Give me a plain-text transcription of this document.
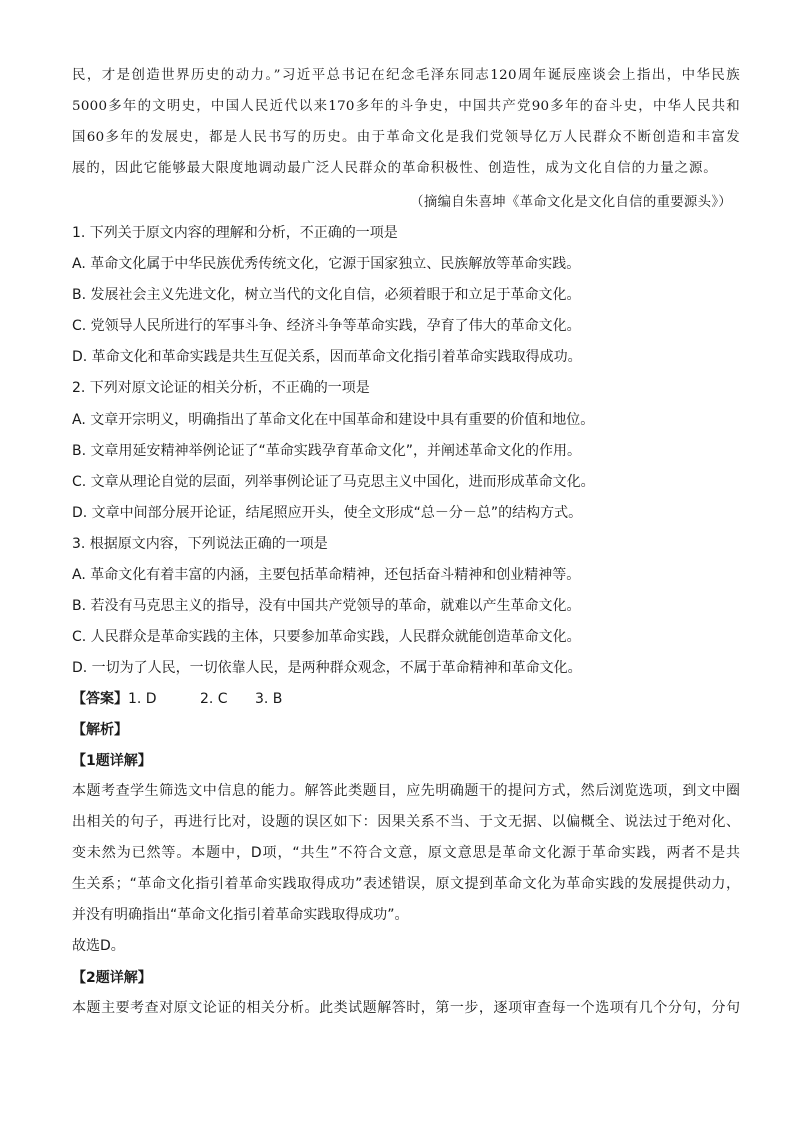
民，才是创造世界历史的动力。”习近平总书记在纪念毛泽东同志120周年诞辰座谈会上指出，中华民族
5000多年的文明史，中国人民近代以来170多年的斗争史，中国共产党90多年的奋斗史，中华人民共和
国60多年的发展史，都是人民书写的历史。由于革命文化是我们党领导亿万人民群众不断创造和丰富发
展的，因此它能够最大限度地调动最广泛人民群众的革命积极性、创造性，成为文化自信的力量之源。
（摘编自朱喜坤《革命文化是文化自信的重要源头》）
1. 下列关于原文内容的理解和分析，不正确的一项是
A. 革命文化属于中华民族优秀传统文化，它源于国家独立、民族解放等革命实践。
B. 发展社会主义先进文化，树立当代的文化自信，必须着眼于和立足于革命文化。
C. 党领导人民所进行的军事斗争、经济斗争等革命实践，孕育了伟大的革命文化。
D. 革命文化和革命实践是共生互促关系，因而革命文化指引着革命实践取得成功。
2. 下列对原文论证的相关分析，不正确的一项是
A. 文章开宗明义，明确指出了革命文化在中国革命和建设中具有重要的价值和地位。
B. 文章用延安精神举例论证了“革命实践孕育革命文化”，并阐述革命文化的作用。
C. 文章从理论自觉的层面，列举事例论证了马克思主义中国化，进而形成革命文化。
D. 文章中间部分展开论证，结尾照应开头，使全文形成“总－分－总”的结构方式。
3. 根据原文内容，下列说法正确的一项是
A. 革命文化有着丰富的内涵，主要包括革命精神，还包括奋斗精神和创业精神等。
B. 若没有马克思主义的指导，没有中国共产党领导的革命，就难以产生革命文化。
C. 人民群众是革命实践的主体，只要参加革命实践，人民群众就能创造革命文化。
D. 一切为了人民，一切依靠人民，是两种群众观念，不属于革命精神和革命文化。
【答案】1. D	2. C 3. B
【解析】
【1题详解】
本题考查学生筛选文中信息的能力。解答此类题目，应先明确题干的提问方式，然后浏览选项，到文中圈
出相关的句子，再进行比对，设题的误区如下：因果关系不当、于文无据、以偏概全、说法过于绝对化、
变未然为已然等。本题中，D项，“共生”不符合文意，原文意思是革命文化源于革命实践，两者不是共
生关系；“革命文化指引着革命实践取得成功”表述错误，原文提到革命文化为革命实践的发展提供动力，
并没有明确指出“革命文化指引着革命实践取得成功”。
故选D。
【2题详解】
本题主要考查对原文论证的相关分析。此类试题解答时，第一步，逐项审查每一个选项有几个分句，分句
